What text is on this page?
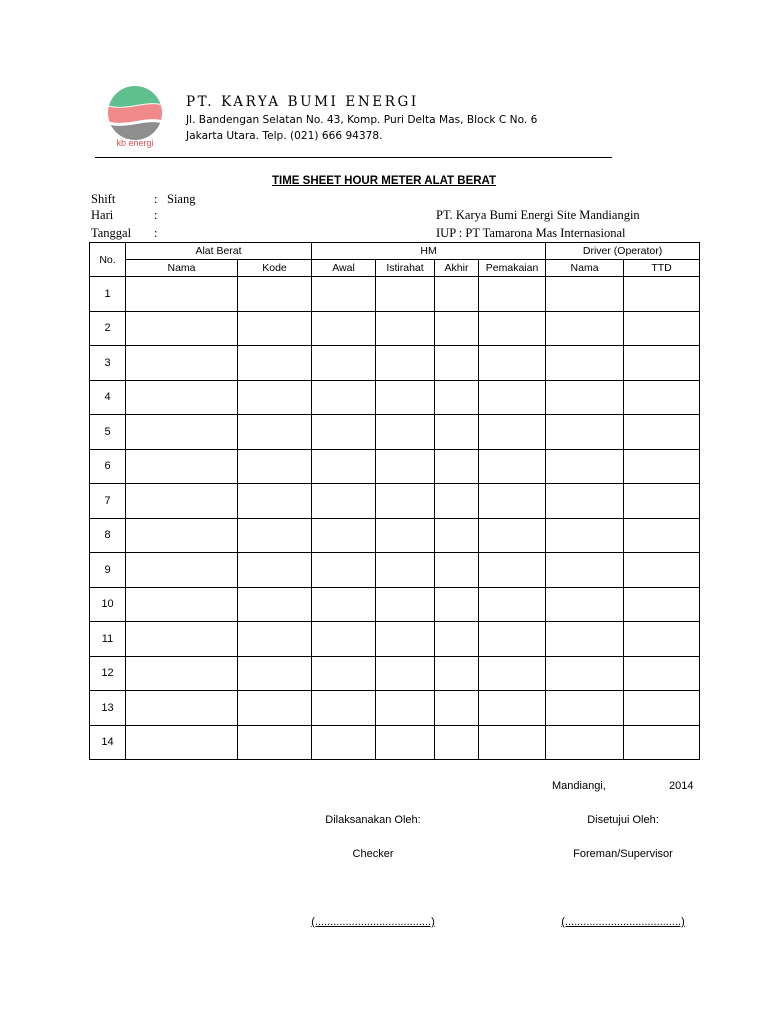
kb energi
PT. KARYA BUMI ENERGI
Jl. Bandengan Selatan No. 43, Komp. Puri Delta Mas, Block C No. 6
Jakarta Utara. Telp. (021) 666 94378.
TIME SHEET HOUR METER ALAT BERAT
Shift	: Siang
Hari	:
Tanggal :
PT. Karya Bumi Energi Site Mandiangin
IUP : PT Tamarona Mas Internasional
No.	Alat Berat		HM				Driver (Operator)	
	Nama	Kode	Awal	Istirahat	Akhir	Pemakaian	Nama	TTD
1								
2								
3								
4								
5								
6								
7								
8								
9								
10								
11								
12								
13								
14								
Mandiangi,	2014
Dilaksanakan Oleh:	Disetujui Oleh:
Checker	Foreman/Supervisor
(......................................)	(......................................)
